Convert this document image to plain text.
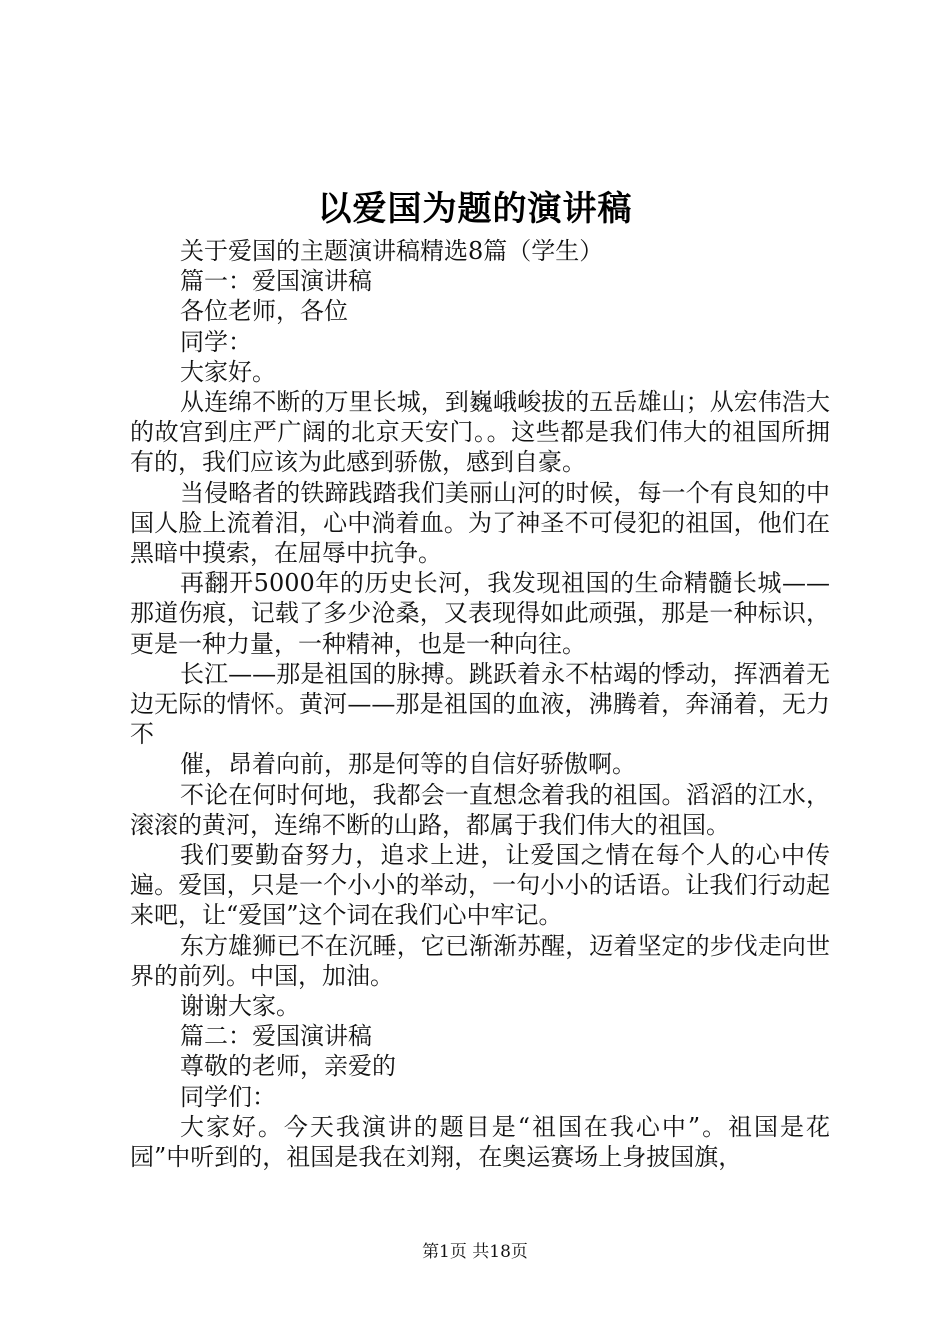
以爱国为题的演讲稿

关于爱国的主题演讲稿精选8篇（学生）

篇一：爱国演讲稿

各位老师，各位

同学：

大家好。

从连绵不断的万里长城，到巍峨峻拔的五岳雄山；从宏伟浩大的故宫到庄严广阔的北京天安门。。这些都是我们伟大的祖国所拥有的，我们应该为此感到骄傲，感到自豪。

当侵略者的铁蹄践踏我们美丽山河的时候，每一个有良知的中国人脸上流着泪，心中淌着血。为了神圣不可侵犯的祖国，他们在黑暗中摸索，在屈辱中抗争。

再翻开5000年的历史长河，我发现祖国的生命精髓长城——那道伤痕，记载了多少沧桑，又表现得如此顽强，那是一种标识，更是一种力量，一种精神，也是一种向往。

长江——那是祖国的脉搏。跳跃着永不枯竭的悸动，挥洒着无边无际的情怀。黄河——那是祖国的血液，沸腾着，奔涌着，无力不

催，昂着向前，那是何等的自信好骄傲啊。

不论在何时何地，我都会一直想念着我的祖国。滔滔的江水，滚滚的黄河，连绵不断的山路，都属于我们伟大的祖国。

我们要勤奋努力，追求上进，让爱国之情在每个人的心中传遍。爱国，只是一个小小的举动，一句小小的话语。让我们行动起来吧，让“爱国”这个词在我们心中牢记。

东方雄狮已不在沉睡，它已渐渐苏醒，迈着坚定的步伐走向世界的前列。中国，加油。

谢谢大家。

篇二：爱国演讲稿

尊敬的老师，亲爱的

同学们：

大家好。今天我演讲的题目是“祖国在我心中”。祖国是花园”中听到的，祖国是我在刘翔，在奥运赛场上身披国旗，

第1页 共18页
